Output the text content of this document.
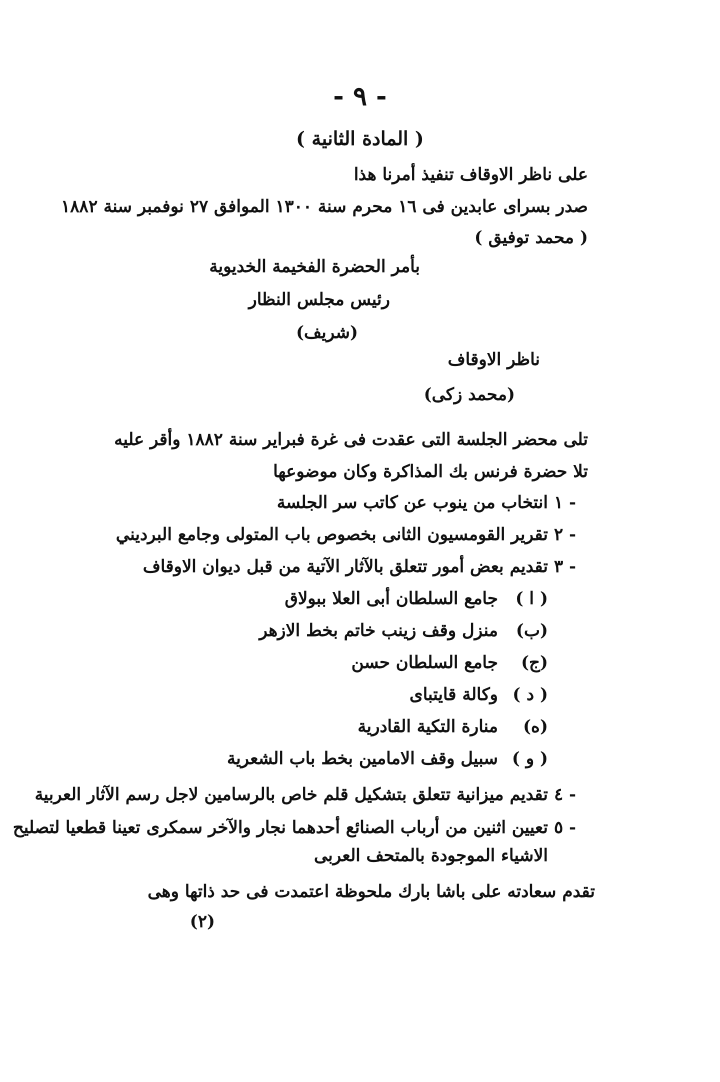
- ٩ -
( المادة الثانية )
على ناظر الاوقاف تنفيذ أمرنا هذا
صدر بسراى عابدين فى ١٦ محرم سنة ١٣٠٠ الموافق ٢٧ نوفمبر سنة ١٨٨٢
( محمد توفيق )
بأمر الحضرة الفخيمة الخديوية
رئيس مجلس النظار
(شريف)
ناظر الاوقاف
(محمد زكى)
تلى محضر الجلسة التى عقدت فى غرة فبراير سنة ١٨٨٢ وأقر عليه
تلا حضرة فرنس بك المذاكرة وكان موضوعها
انتخاب من ينوب عن كاتب سر الجلسة ١ -
تقرير القومسيون الثانى بخصوص باب المتولى وجامع البرديني ٢ -
تقديم بعض أمور تتعلق بالآثار الآتية من قبل ديوان الاوقاف ٣ -
( ا )
جامع السلطان أبى العلا ببولاق
(ب)
منزل وقف زينب خاتم بخط الازهر
(ج)
جامع السلطان حسن
( د )
وكالة قايتباى
(ه)
منارة التكية القادرية
( و )
سبيل وقف الامامين بخط باب الشعرية
تقديم ميزانية تتعلق بتشكيل قلم خاص بالرسامين لاجل رسم الآثار العربية ٤ -
تعيين اثنين من أرباب الصنائع أحدهما نجار والآخر سمكرى تعينا قطعيا لتصليح ٥ -
الاشياء الموجودة بالمتحف العربى
تقدم سعادته على باشا بارك ملحوظة اعتمدت فى حد ذاتها وهى
(٢)
